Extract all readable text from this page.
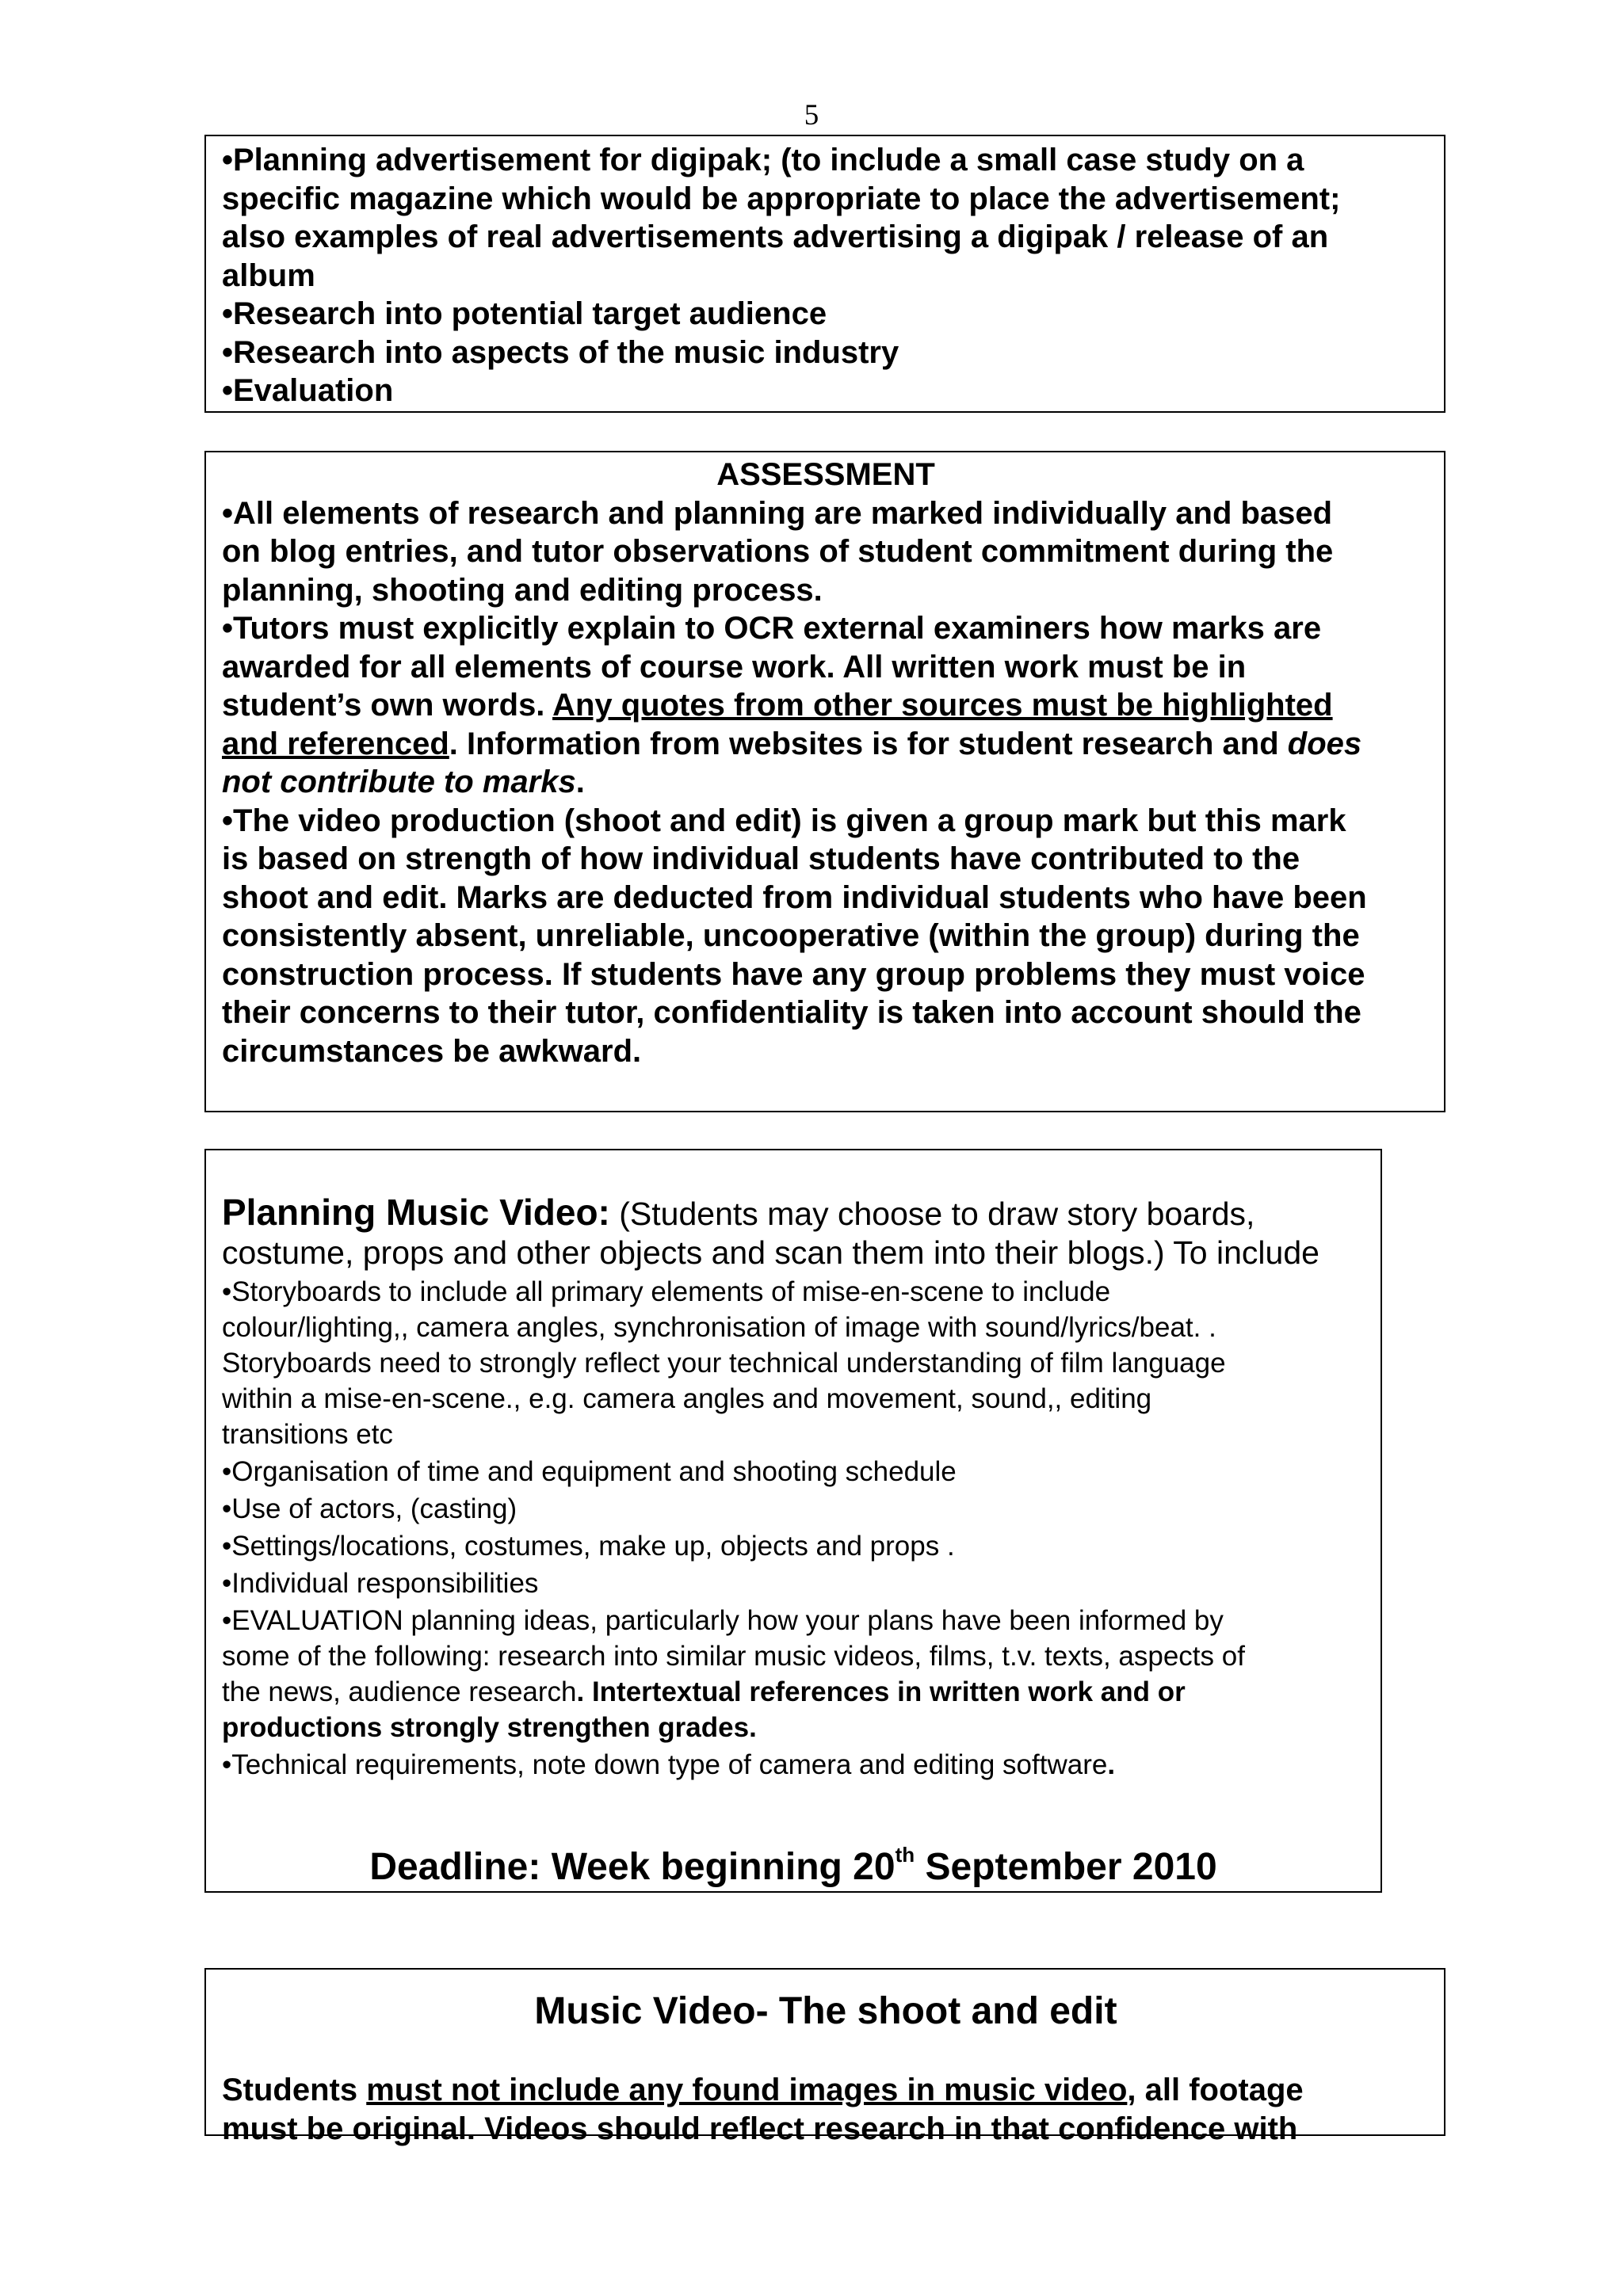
5

•Planning advertisement for digipak; (to include a small case study on a

specific magazine which would be appropriate to place the advertisement;

also examples of real advertisements advertising a digipak / release of an

album

•Research into potential target audience

•Research into aspects of the music industry

•Evaluation

ASSESSMENT

•All elements of research and planning are marked individually and based

on blog entries, and tutor observations of student commitment during the

planning, shooting and editing process.

•Tutors must explicitly explain to OCR external examiners how marks are

awarded for all elements of course work. All written work must be in

student’s own words. Any quotes from other sources must be highlighted

and referenced. Information from websites is for student research and does

not contribute to marks.

•The video production (shoot and edit) is given a group mark but this mark

is based on strength of how individual students have contributed to the

shoot and edit. Marks are deducted from individual students who have been

consistently absent, unreliable, uncooperative (within the group) during the

construction process. If students have any group problems they must voice

their concerns to their tutor, confidentiality is taken into account should the

circumstances be awkward.

Planning Music Video: (Students may choose to draw story boards,

costume, props and other objects and scan them into their blogs.) To include

•Storyboards to include all primary elements of mise-en-scene to include

colour/lighting,, camera angles, synchronisation of image with sound/lyrics/beat. .

Storyboards need to strongly reflect your technical understanding of film language

within a mise-en-scene., e.g. camera angles and movement, sound,, editing

transitions etc

•Organisation of time and equipment and shooting schedule

•Use of actors, (casting)

•Settings/locations, costumes, make up, objects and props .

•Individual responsibilities

•EVALUATION planning ideas, particularly how your plans have been informed by

some of the following: research into similar music videos, films, t.v. texts, aspects of

the news, audience research. Intertextual references in written work and or

productions strongly strengthen grades.

•Technical requirements, note down type of camera and editing software.

Deadline: Week beginning 20th September 2010
Music Video- The shoot and edit

Students must not include any found images in music video, all footage

must be original. Videos should reflect research in that confidence with
